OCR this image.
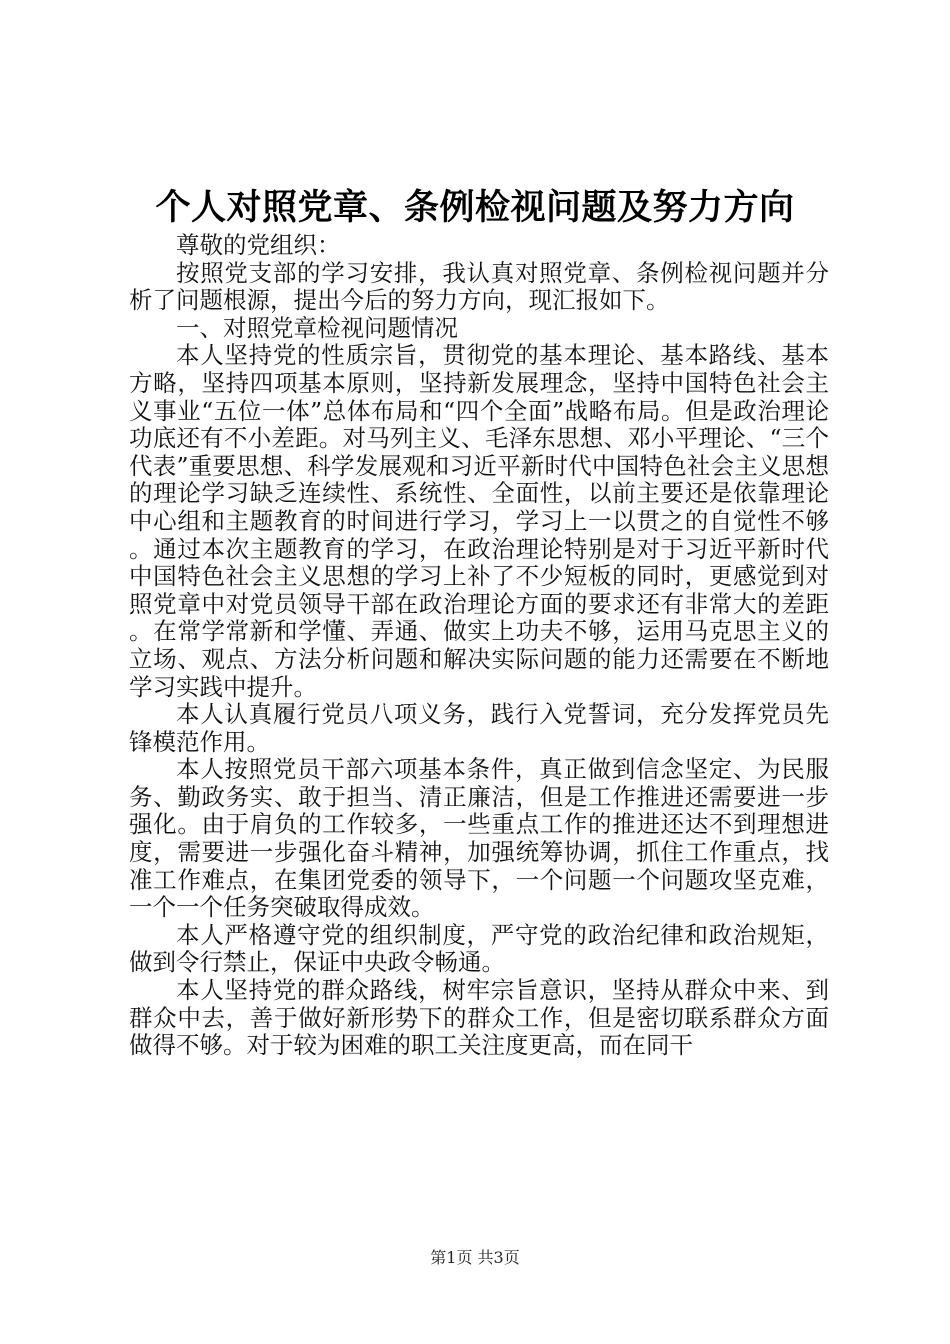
个人对照党章、条例检视问题及努力方向

尊敬的党组织：

按照党支部的学习安排，我认真对照党章、条例检视问题并分析了问题根源，提出今后的努力方向，现汇报如下。

一、对照党章检视问题情况

本人坚持党的性质宗旨，贯彻党的基本理论、基本路线、基本方略，坚持四项基本原则，坚持新发展理念，坚持中国特色社会主义事业“五位一体”总体布局和“四个全面”战略布局。但是政治理论功底还有不小差距。对马列主义、毛泽东思想、邓小平理论、“三个代表”重要思想、科学发展观和习近平新时代中国特色社会主义思想的理论学习缺乏连续性、系统性、全面性，以前主要还是依靠理论中心组和主题教育的时间进行学习，学习上一以贯之的自觉性不够。通过本次主题教育的学习，在政治理论特别是对于习近平新时代中国特色社会主义思想的学习上补了不少短板的同时，更感觉到对照党章中对党员领导干部在政治理论方面的要求还有非常大的差距。在常学常新和学懂、弄通、做实上功夫不够，运用马克思主义的立场、观点、方法分析问题和解决实际问题的能力还需要在不断地学习实践中提升。

本人认真履行党员八项义务，践行入党誓词，充分发挥党员先锋模范作用。

本人按照党员干部六项基本条件，真正做到信念坚定、为民服务、勤政务实、敢于担当、清正廉洁，但是工作推进还需要进一步强化。由于肩负的工作较多，一些重点工作的推进还达不到理想进度，需要进一步强化奋斗精神，加强统筹协调，抓住工作重点，找准工作难点，在集团党委的领导下，一个问题一个问题攻坚克难，一个一个任务突破取得成效。

本人严格遵守党的组织制度，严守党的政治纪律和政治规矩，做到令行禁止，保证中央政令畅通。

本人坚持党的群众路线，树牢宗旨意识，坚持从群众中来、到群众中去，善于做好新形势下的群众工作，但是密切联系群众方面做得不够。对于较为困难的职工关注度更高，而在同干

第1页 共3页
